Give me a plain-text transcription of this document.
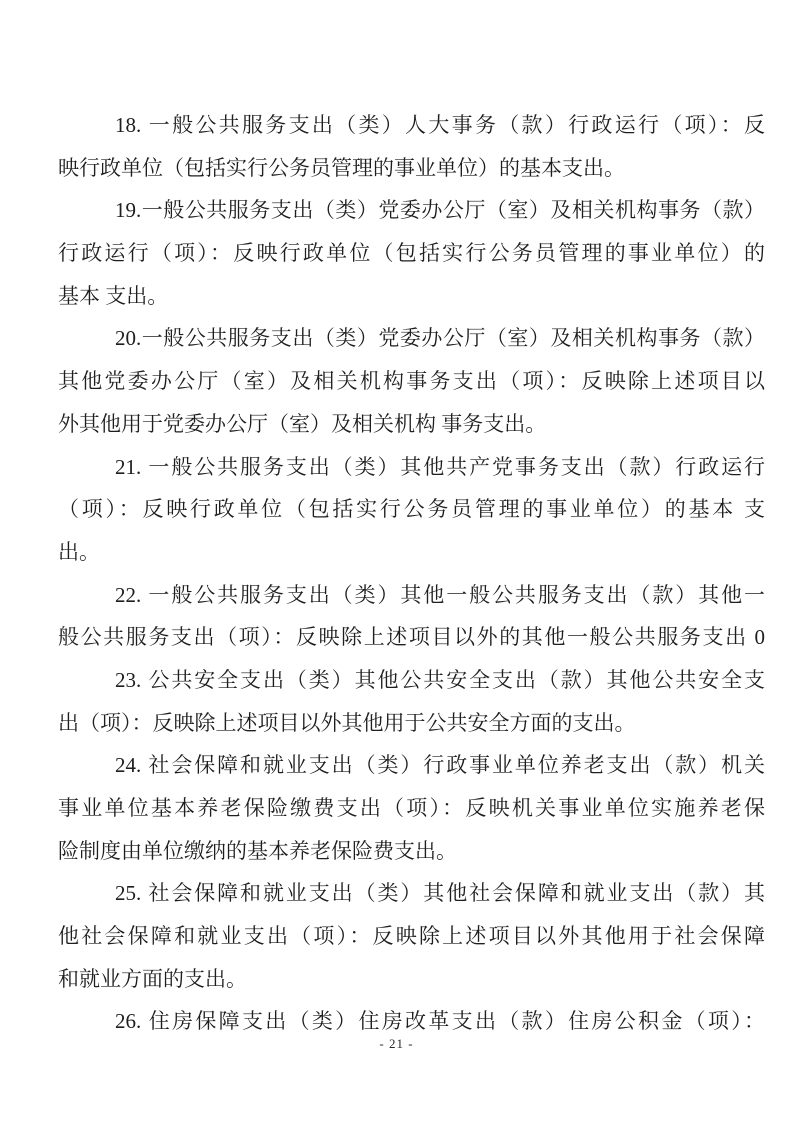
18. 一般公共服务支出（类）人大事务（款）行政运行（项）：反
映行政单位（包括实行公务员管理的事业单位）的基本支出。
19.一般公共服务支出（类）党委办公厅（室）及相关机构事务（款）
行政运行（项）：反映行政单位（包括实行公务员管理的事业单位）的
基本 支出。
20.一般公共服务支出（类）党委办公厅（室）及相关机构事务（款）
其他党委办公厅（室）及相关机构事务支出（项）：反映除上述项目以
外其他用于党委办公厅（室）及相关机构 事务支出。
21. 一般公共服务支出（类）其他共产党事务支出（款）行政运行
（项）：反映行政单位（包括实行公务员管理的事业单位）的基本 支
出。
22. 一般公共服务支出（类）其他一般公共服务支出（款）其他一
般公共服务支出（项）：反映除上述项目以外的其他一般公共服务支出 0
23. 公共安全支出（类）其他公共安全支出（款）其他公共安全支
出（项）：反映除上述项目以外其他用于公共安全方面的支出。
24. 社会保障和就业支出（类）行政事业单位养老支出（款）机关
事业单位基本养老保险缴费支出（项）：反映机关事业单位实施养老保
险制度由单位缴纳的基本养老保险费支出。
25. 社会保障和就业支出（类）其他社会保障和就业支出（款）其
他社会保障和就业支出（项）：反映除上述项目以外其他用于社会保障
和就业方面的支出。
26. 住房保障支出（类）住房改革支出（款）住房公积金（项）：
- 21 -
